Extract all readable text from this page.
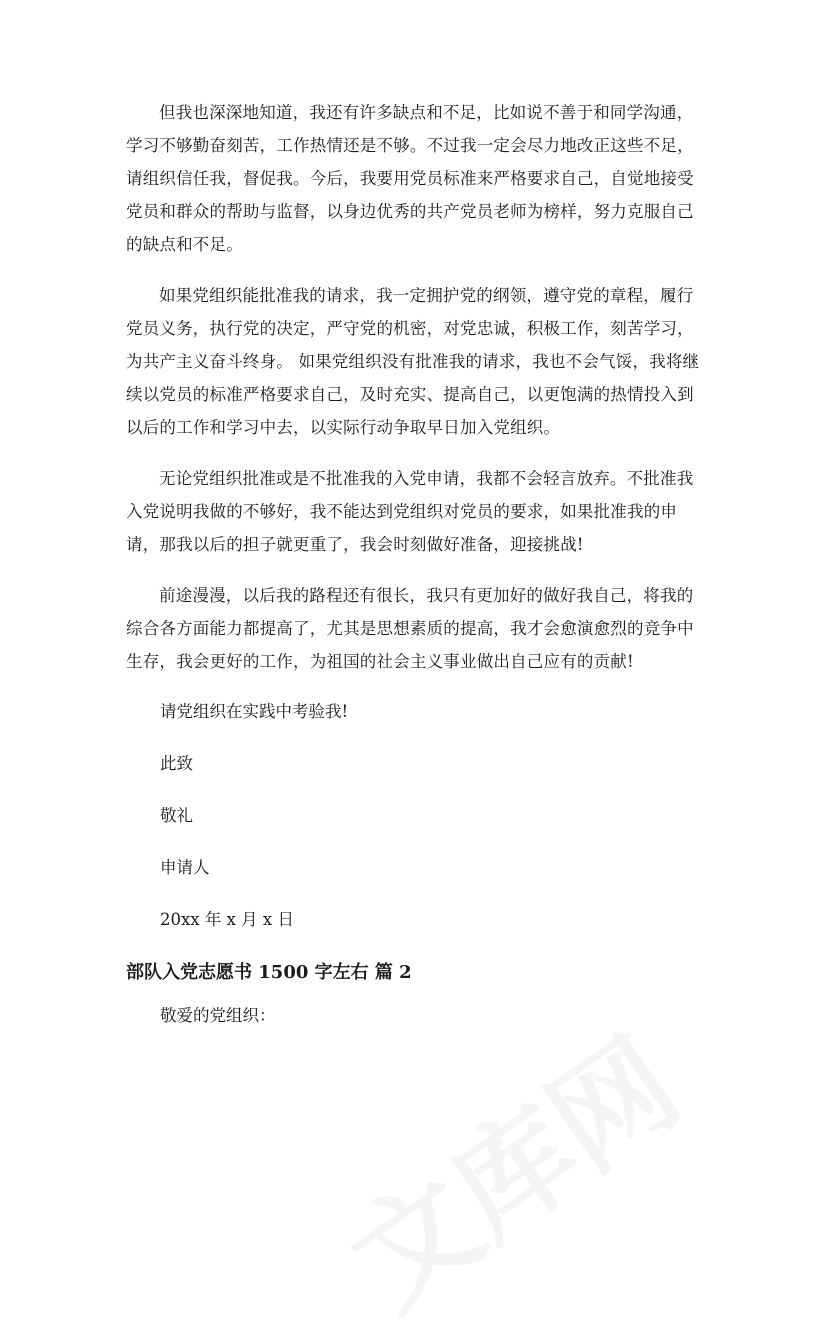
文库网

但我也深深地知道，我还有许多缺点和不足，比如说不善于和同学沟通，学习不够勤奋刻苦，工作热情还是不够。不过我一定会尽力地改正这些不足，请组织信任我，督促我。今后，我要用党员标准来严格要求自己，自觉地接受党员和群众的帮助与监督，以身边优秀的共产党员老师为榜样，努力克服自己的缺点和不足。

如果党组织能批准我的请求，我一定拥护党的纲领，遵守党的章程，履行党员义务，执行党的决定，严守党的机密，对党忠诚，积极工作，刻苦学习，为共产主义奋斗终身。 如果党组织没有批准我的请求，我也不会气馁，我将继续以党员的标准严格要求自己，及时充实、提高自己，以更饱满的热情投入到以后的工作和学习中去，以实际行动争取早日加入党组织。

无论党组织批准或是不批准我的入党申请，我都不会轻言放弃。不批准我入党说明我做的不够好，我不能达到党组织对党员的要求，如果批准我的申请，那我以后的担子就更重了，我会时刻做好准备，迎接挑战!

前途漫漫，以后我的路程还有很长，我只有更加好的做好我自己，将我的综合各方面能力都提高了，尤其是思想素质的提高，我才会愈演愈烈的竞争中生存，我会更好的工作，为祖国的社会主义事业做出自己应有的贡献!

请党组织在实践中考验我!

此致

敬礼

申请人

20xx 年 x 月 x 日

部队入党志愿书 1500 字左右 篇 2

敬爱的党组织：
